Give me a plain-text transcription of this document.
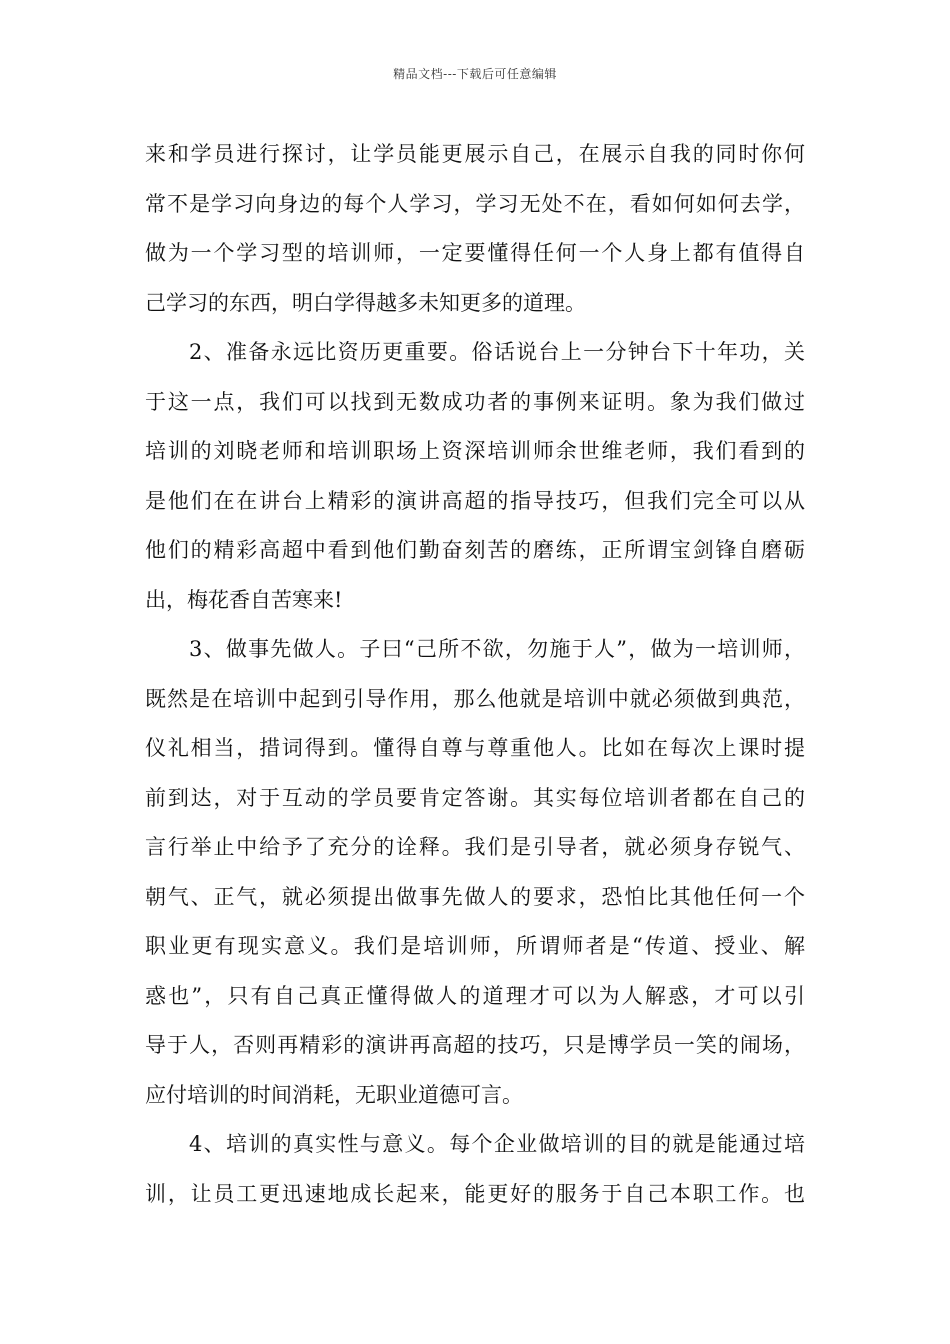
精品文档---下载后可任意编辑
来和学员进行探讨，让学员能更展示自己，在展示自我的同时你何
常不是学习向身边的每个人学习，学习无处不在，看如何如何去学，
做为一个学习型的培训师，一定要懂得任何一个人身上都有值得自
己学习的东西，明白学得越多未知更多的道理。
2、准备永远比资历更重要。俗话说台上一分钟台下十年功，关
于这一点，我们可以找到无数成功者的事例来证明。象为我们做过
培训的刘晓老师和培训职场上资深培训师余世维老师，我们看到的
是他们在在讲台上精彩的演讲高超的指导技巧，但我们完全可以从
他们的精彩高超中看到他们勤奋刻苦的磨练，正所谓宝剑锋自磨砺
出，梅花香自苦寒来!
3、做事先做人。子曰“己所不欲，勿施于人”，做为一培训师，
既然是在培训中起到引导作用，那么他就是培训中就必须做到典范，
仪礼相当，措词得到。懂得自尊与尊重他人。比如在每次上课时提
前到达，对于互动的学员要肯定答谢。其实每位培训者都在自己的
言行举止中给予了充分的诠释。我们是引导者，就必须身存锐气、
朝气、正气，就必须提出做事先做人的要求，恐怕比其他任何一个
职业更有现实意义。我们是培训师，所谓师者是“传道、授业、解
惑也”，只有自己真正懂得做人的道理才可以为人解惑，才可以引
导于人，否则再精彩的演讲再高超的技巧，只是博学员一笑的闹场，
应付培训的时间消耗，无职业道德可言。
4、培训的真实性与意义。每个企业做培训的目的就是能通过培
训，让员工更迅速地成长起来，能更好的服务于自己本职工作。也
